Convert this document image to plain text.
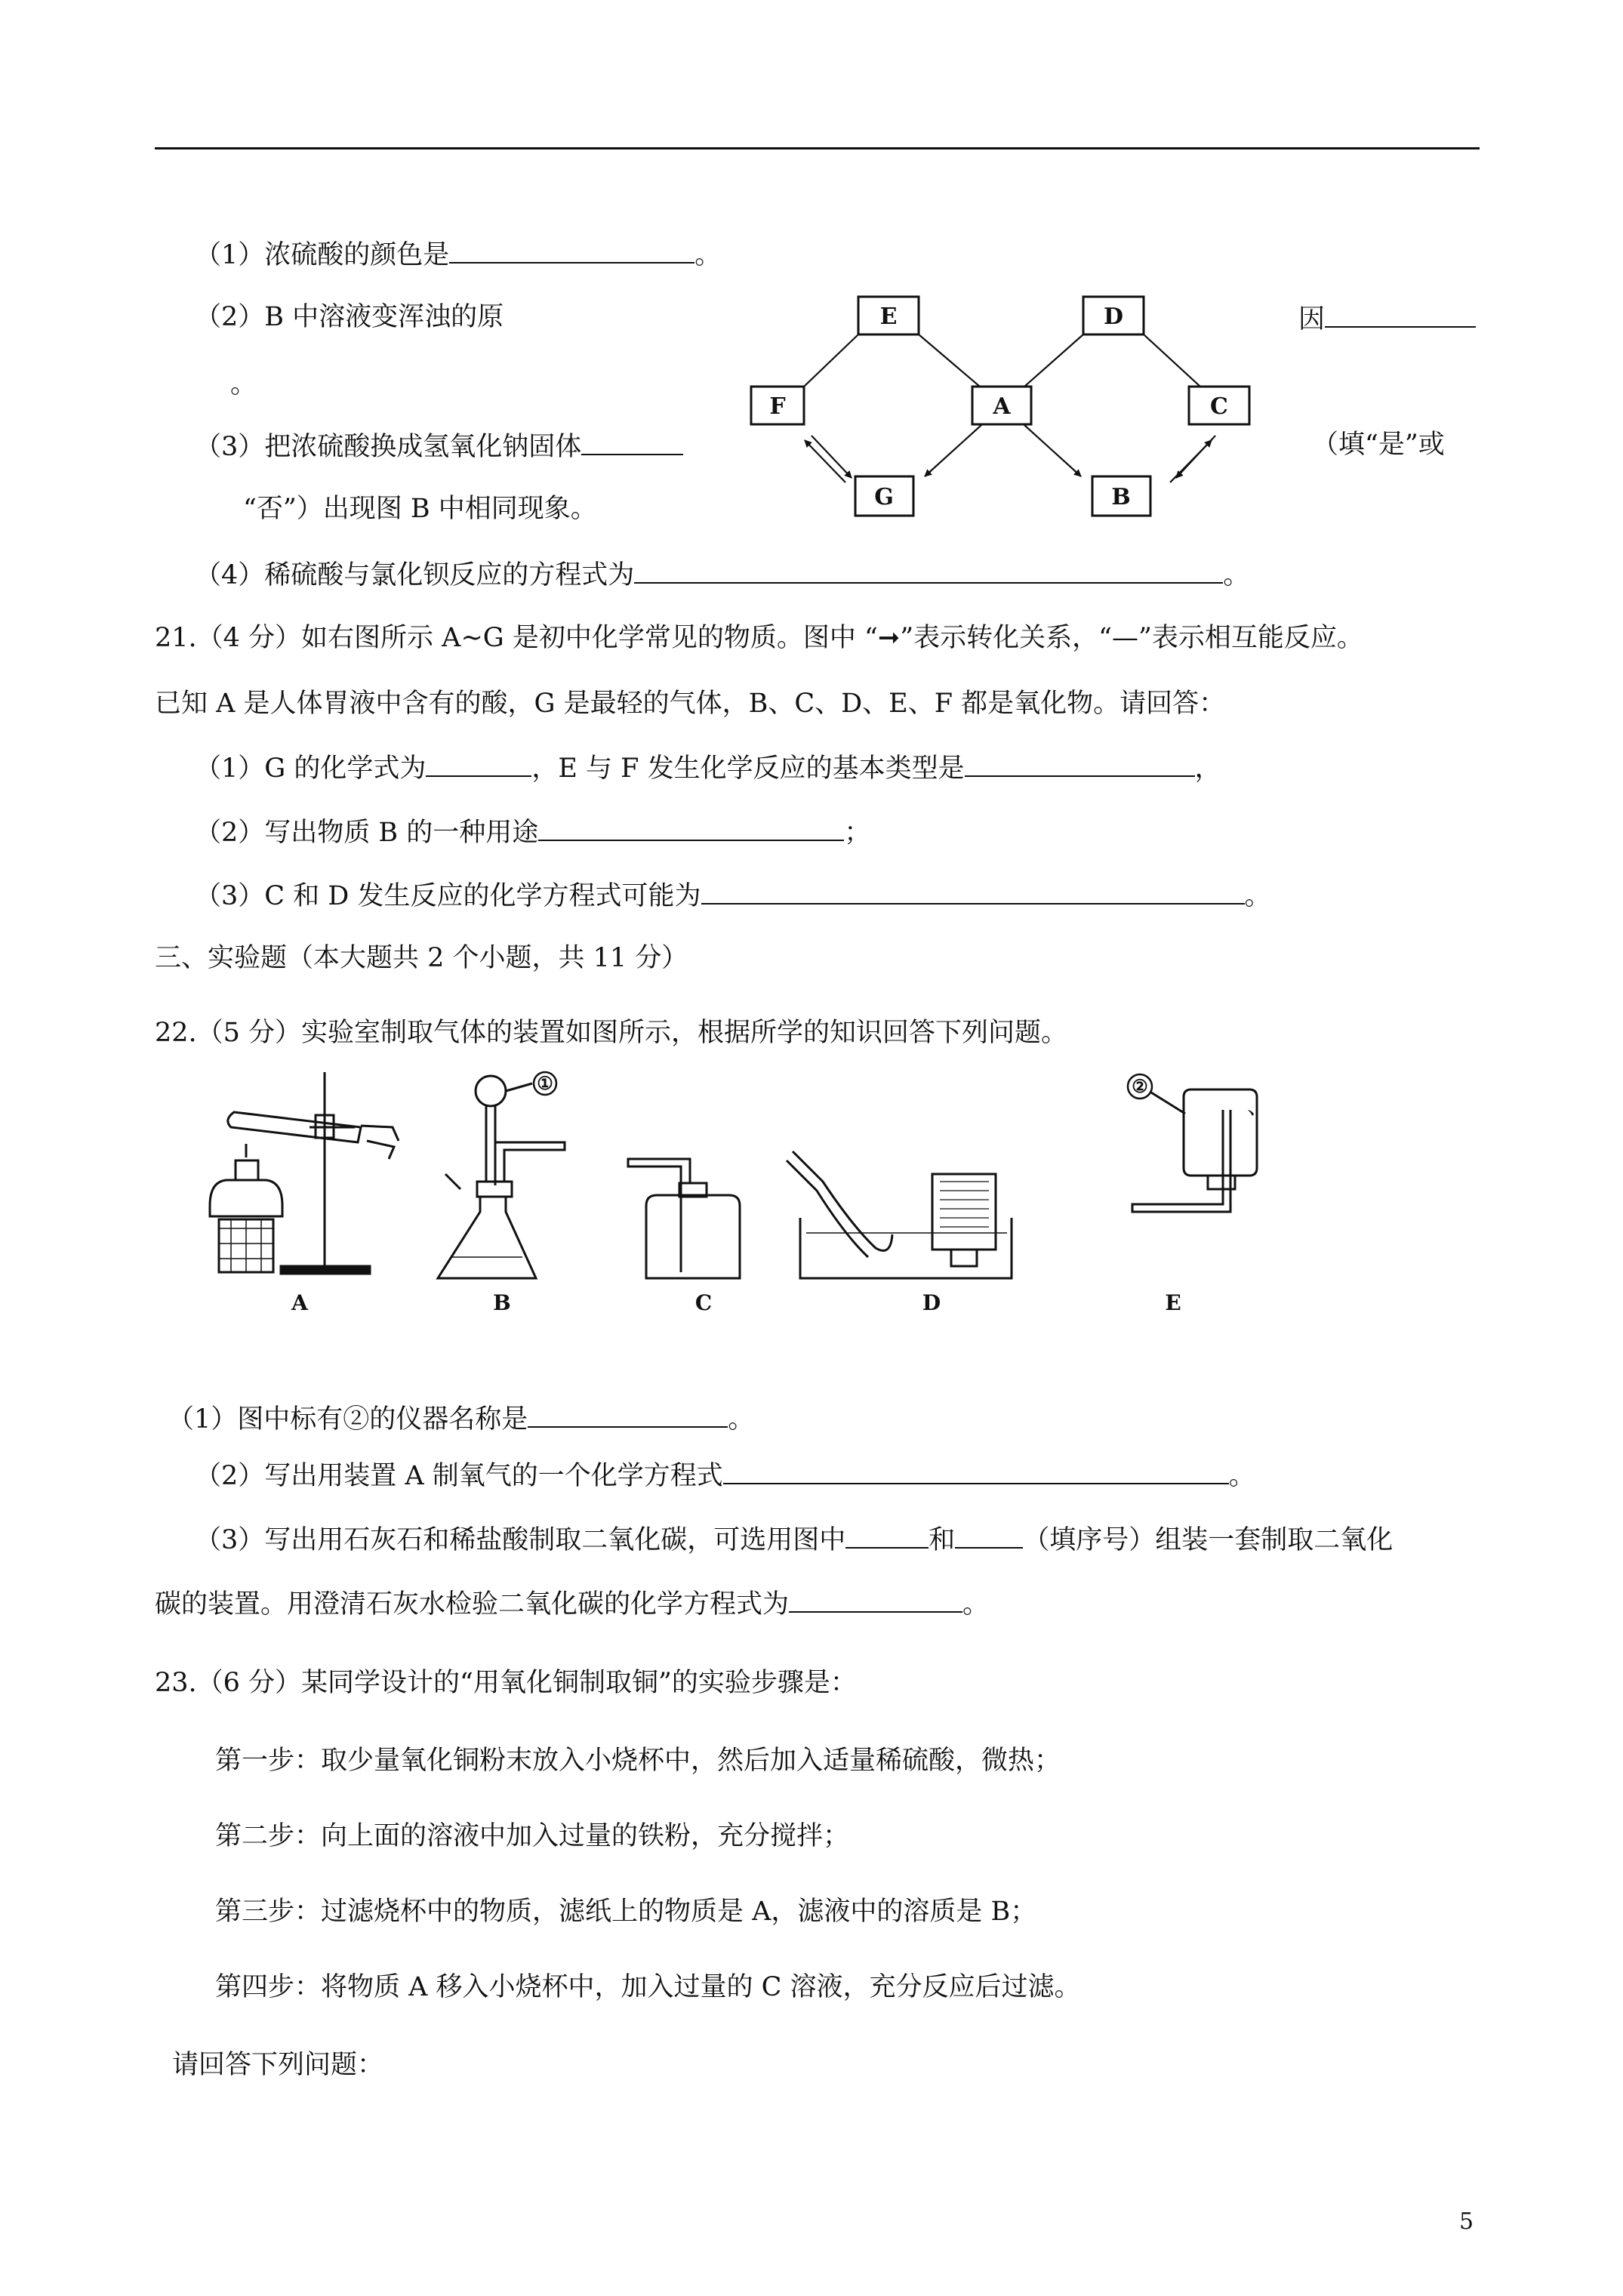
（1）浓硫酸的颜色是	。
（2）B 中溶液变浑浊的原	因
。
（3）把浓硫酸换成氢氧化钠固体	（填“是”或
“否”）出现图 B 中相同现象。
（4）稀硫酸与氯化钡反应的方程式为	。
E	D
F	A	C
G	B
21.（4 分）如右图所示 A~G 是初中化学常见的物质。图中 “➞”表示转化关系，“—”表示相互能反应。
已知 A 是人体胃液中含有的酸，G 是最轻的气体，B、C、D、E、F 都是氧化物。请回答：
（1）G 的化学式为	，E 与 F 发生化学反应的基本类型是	，
（2）写出物质 B 的一种用途	；
（3）C 和 D 发生反应的化学方程式可能为	。
三、实验题（本大题共 2 个小题，共 11 分）
22.（5 分）实验室制取气体的装置如图所示，根据所学的知识回答下列问题。
①	②
、
A	B	C	D	E
（1）图中标有②的仪器名称是	。
（2）写出用装置 A 制氧气的一个化学方程式	。
（3）写出用石灰石和稀盐酸制取二氧化碳，可选用图中	和	（填序号）组装一套制取二氧化
碳的装置。用澄清石灰水检验二氧化碳的化学方程式为	。
23.（6 分）某同学设计的“用氧化铜制取铜”的实验步骤是：
第一步：取少量氧化铜粉末放入小烧杯中，然后加入适量稀硫酸，微热；
第二步：向上面的溶液中加入过量的铁粉，充分搅拌；
第三步：过滤烧杯中的物质，滤纸上的物质是 A，滤液中的溶质是 B；
第四步：将物质 A 移入小烧杯中，加入过量的 C 溶液，充分反应后过滤。
请回答下列问题：
5
